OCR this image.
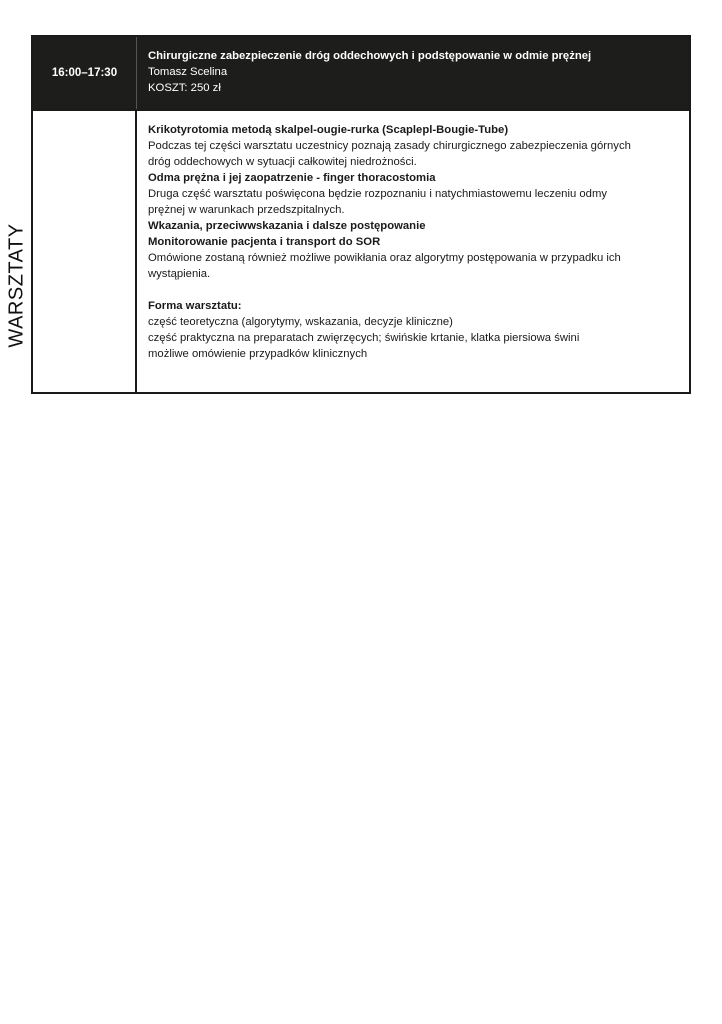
WARSZTATY
16:00–17:30
Chirurgiczne zabezpieczenie dróg oddechowych i podstępowanie w odmie prężnej
Tomasz Scelina
KOSZT: 250 zł
Krikotyrotomia metodą skalpel-ougie-rurka (Scaplepl-Bougie-Tube)
Podczas tej części warsztatu uczestnicy poznają zasady chirurgicznego zabezpieczenia górnych
dróg oddechowych w sytuacji całkowitej niedrożności.
Odma prężna i jej zaopatrzenie - finger thoracostomia
Druga część warsztatu poświęcona będzie rozpoznaniu i natychmiastowemu leczeniu odmy
prężnej w warunkach przedszpitalnych.
Wkazania, przeciwwskazania i dalsze postępowanie
Monitorowanie pacjenta i transport do SOR
Omówione zostaną również możliwe powikłania oraz algorytmy postępowania w przypadku ich
wystąpienia.
Forma warsztatu:
część teoretyczna (algorytymy, wskazania, decyzje kliniczne)
część praktyczna na preparatach zwięrzęcych; świńskie krtanie, klatka piersiowa świni
możliwe omówienie przypadków klinicznych
